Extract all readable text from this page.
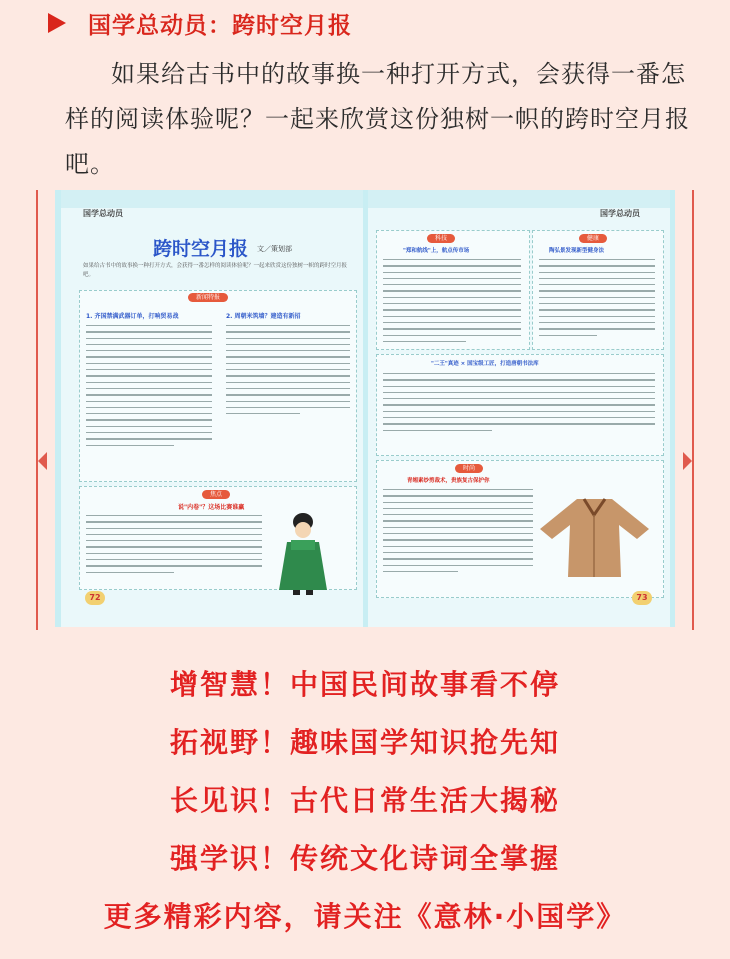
国学总动员：跨时空月报
如果给古书中的故事换一种打开方式，会获得一番怎样的阅读体验呢？一起来欣赏这份独树一帜的跨时空月报吧。
国学总动员
跨时空月报 文／策划部
如果给古书中的故事换一种打开方式，会获得一番怎样的阅读体验呢？一起来欣赏这份独树一帜的跨时空月报吧。
新闻特报
1. 齐国禁满武器订单，打响贸易战	2. 周朝米筑墙？建造有新招
焦点
说"内卷"？这场比赛谁赢
72
国学总动员
科技
"郑和航线"上，航点传市场
健康
陶弘景发现新型健身法
"二王"真迹 × 国宝级工匠，打造唐朝书法库
时尚
青缃素纱剪裁术，贵族复古保护你
73
增智慧！中国民间故事看不停
拓视野！趣味国学知识抢先知
长见识！古代日常生活大揭秘
强学识！传统文化诗词全掌握
更多精彩内容，请关注《意林·小国学》
